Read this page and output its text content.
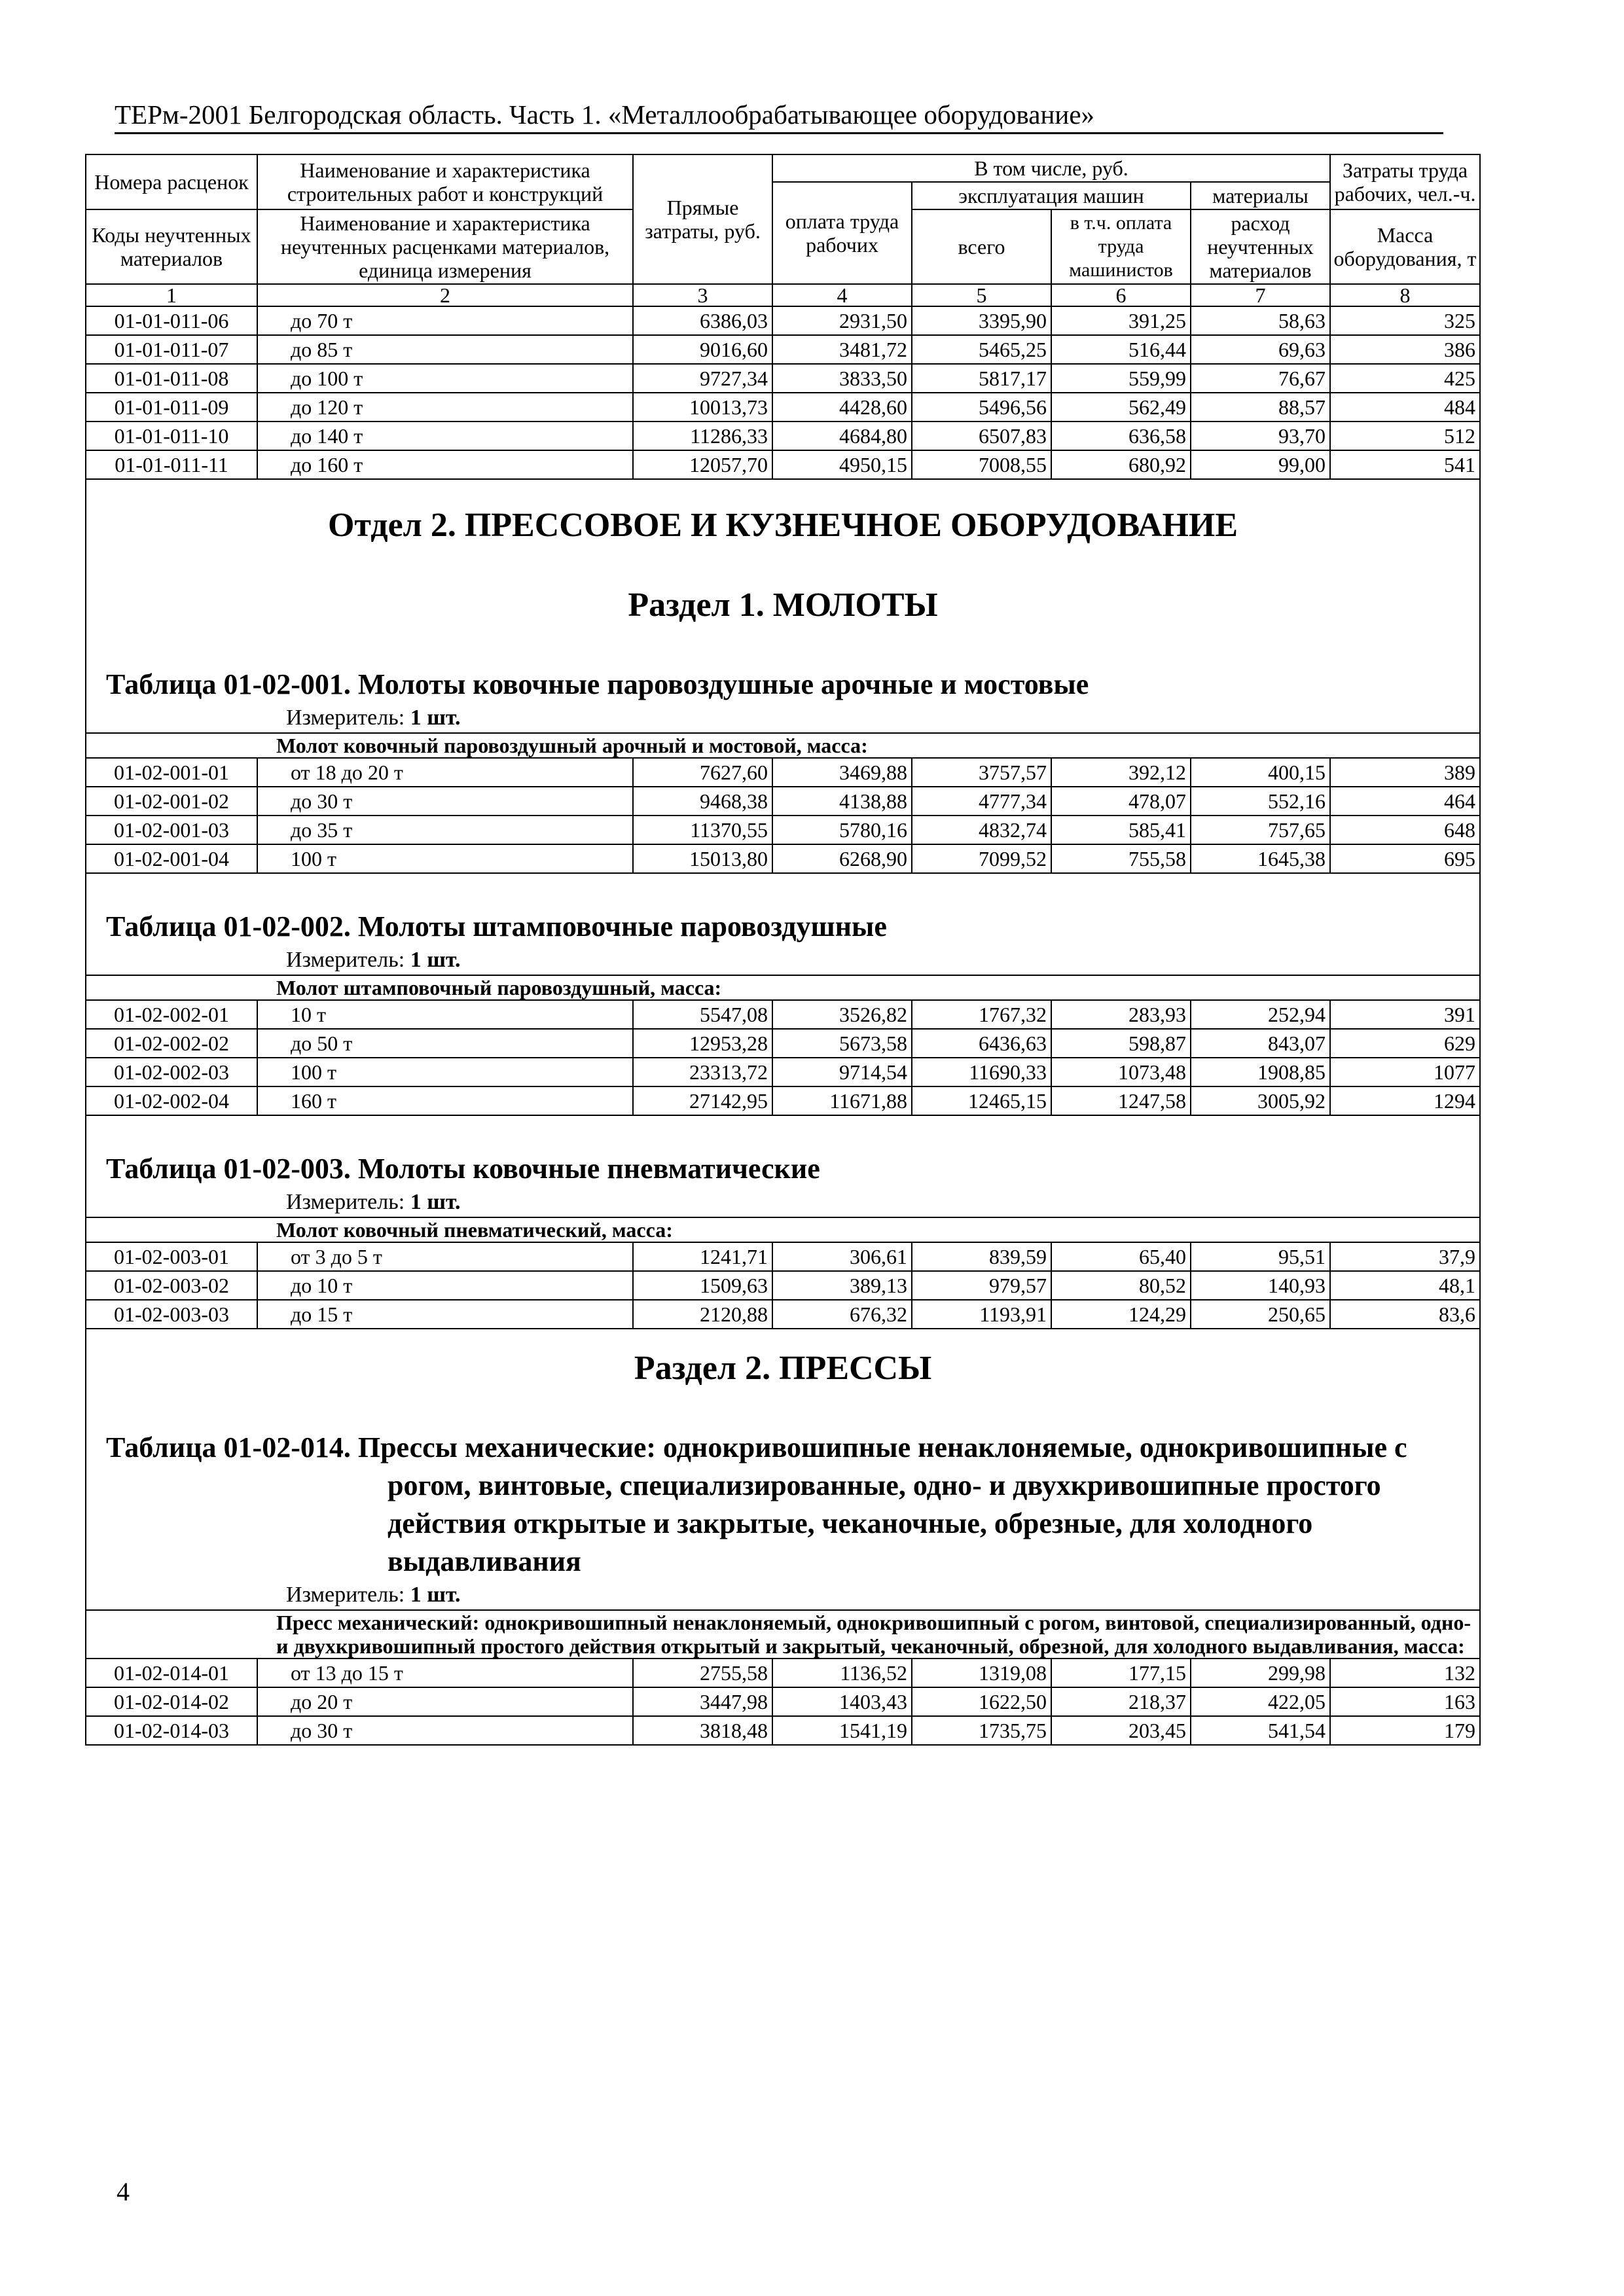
ТЕРм-2001 Белгородская область. Часть 1. «Металлообрабатывающее оборудование»
Номера расценок	Наименование и характеристика строительных работ и конструкций	Прямые затраты, руб.	В том числе, руб.				Затраты труда рабочих, чел.-ч.
			оплата труда рабочих	эксплуатация машин		материалы	
Коды неучтенных материалов	Наименование и характеристика неучтенных расценками материалов, единица измерения			всего	в т.ч. оплата труда машинистов	расход неучтенных материалов	
							Масса оборудования, т
1	2	3	4	5	6	7	8
01-01-011-06	до 70 т	6386,03	2931,50	3395,90	391,25	58,63	325
01-01-011-07	до 85 т	9016,60	3481,72	5465,25	516,44	69,63	386
01-01-011-08	до 100 т	9727,34	3833,50	5817,17	559,99	76,67	425
01-01-011-09	до 120 т	10013,73	4428,60	5496,56	562,49	88,57	484
01-01-011-10	до 140 т	11286,33	4684,80	6507,83	636,58	93,70	512
01-01-011-11	до 160 т	12057,70	4950,15	7008,55	680,92	99,00	541

Отдел 2. ПРЕССОВОЕ И КУЗНЕЧНОЕ ОБОРУДОВАНИЕ
Раздел 1. МОЛОТЫ
Таблица 01-02-001. Молоты ковочные паровоздушные арочные и мостовые
Измеритель: 1 шт.							

Молот ковочный паровоздушный арочный и мостовой, масса:							
01-02-001-01	от 18 до 20 т	7627,60	3469,88	3757,57	392,12	400,15	389
01-02-001-02	до 30 т	9468,38	4138,88	4777,34	478,07	552,16	464
01-02-001-03	до 35 т	11370,55	5780,16	4832,74	585,41	757,65	648
01-02-001-04	100 т	15013,80	6268,90	7099,52	755,58	1645,38	695

Таблица 01-02-002. Молоты штамповочные паровоздушные
Измеритель: 1 шт.							

Молот штамповочный паровоздушный, масса:							
01-02-002-01	10 т	5547,08	3526,82	1767,32	283,93	252,94	391
01-02-002-02	до 50 т	12953,28	5673,58	6436,63	598,87	843,07	629
01-02-002-03	100 т	23313,72	9714,54	11690,33	1073,48	1908,85	1077
01-02-002-04	160 т	27142,95	11671,88	12465,15	1247,58	3005,92	1294

Таблица 01-02-003. Молоты ковочные пневматические
Измеритель: 1 шт.							

Молот ковочный пневматический, масса:							
01-02-003-01	от 3 до 5 т	1241,71	306,61	839,59	65,40	95,51	37,9
01-02-003-02	до 10 т	1509,63	389,13	979,57	80,52	140,93	48,1
01-02-003-03	до 15 т	2120,88	676,32	1193,91	124,29	250,65	83,6

Раздел 2. ПРЕССЫ
Таблица 01-02-014. Прессы механические: однокривошипные ненаклоняемые, однокривошипные с рогом, винтовые, специализированные, одно- и двухкривошипные простого действия открытые и закрытые, чеканочные, обрезные, для холодного выдавливания
Измеритель: 1 шт.							

Пресс механический: однокривошипный ненаклоняемый, однокривошипный с рогом, винтовой, специализированный, одно- и двухкривошипный простого действия открытый и закрытый, чеканочный, обрезной, для холодного выдавливания, масса:							
01-02-014-01	от 13 до 15 т	2755,58	1136,52	1319,08	177,15	299,98	132
01-02-014-02	до 20 т	3447,98	1403,43	1622,50	218,37	422,05	163
01-02-014-03	до 30 т	3818,48	1541,19	1735,75	203,45	541,54	179
4
